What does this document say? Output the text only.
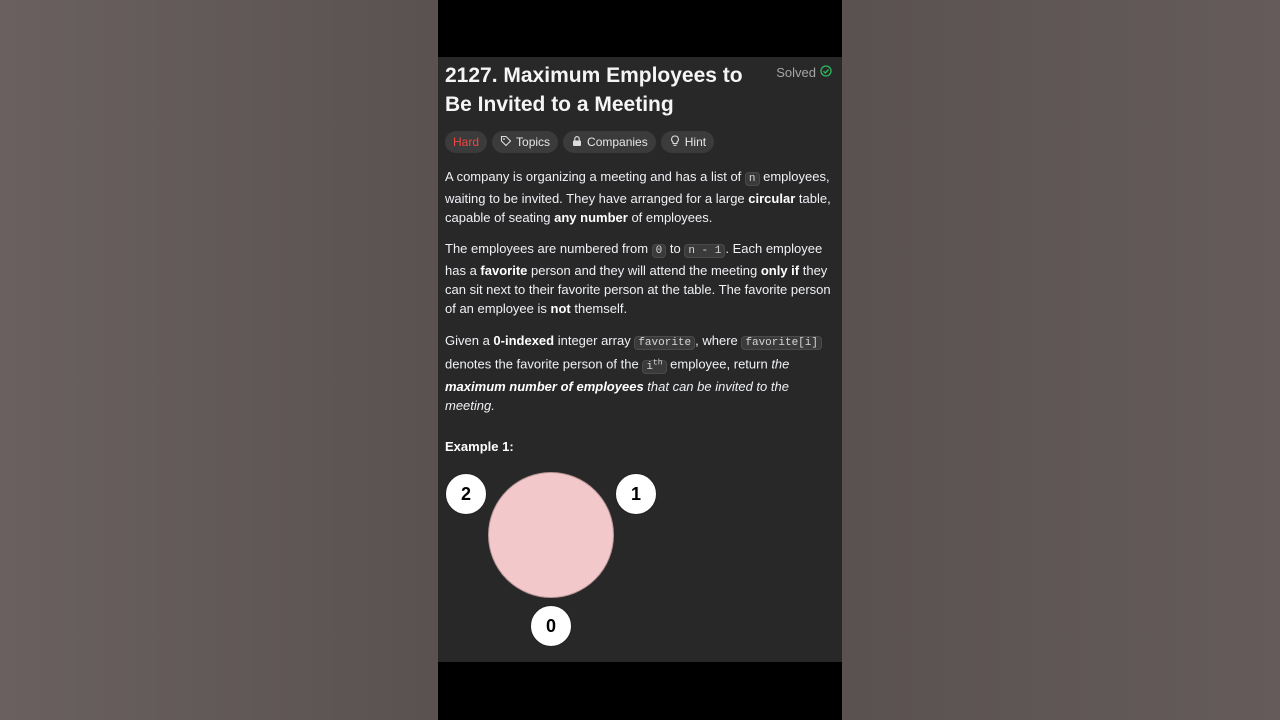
2127. Maximum Employees to Be Invited to a Meeting
Solved
Hard	Topics	Companies	Hint

A company is organizing a meeting and has a list of n employees, waiting to be invited. They have arranged for a large circular table, capable of seating any number of employees.

The employees are numbered from 0 to n - 1 . Each employee has a favorite person and they will attend the meeting only if they can sit next to their favorite person at the table. The favorite person of an employee is not themself.

Given a 0-indexed integer array favorite , where favorite[i] denotes the favorite person of the $i^{th}$ employee, return the maximum number of employees that can be invited to the meeting.

Example 1:
2	1
0
